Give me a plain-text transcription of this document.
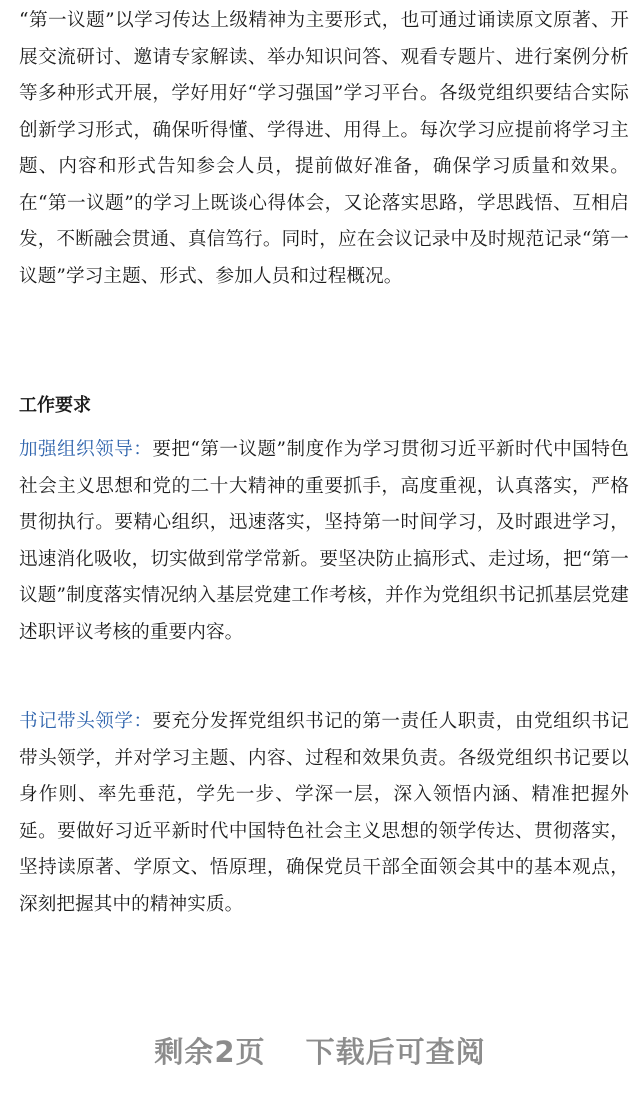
“第一议题”以学习传达上级精神为主要形式，也可通过诵读原文原著、开展交流研讨、邀请专家解读、举办知识问答、观看专题片、进行案例分析等多种形式开展，学好用好“学习强国”学习平台。各级党组织要结合实际创新学习形式，确保听得懂、学得进、用得上。每次学习应提前将学习主题、内容和形式告知参会人员，提前做好准备，确保学习质量和效果。在“第一议题”的学习上既谈心得体会，又论落实思路，学思践悟、互相启发，不断融会贯通、真信笃行。同时，应在会议记录中及时规范记录“第一议题”学习主题、形式、参加人员和过程概况。

工作要求

加强组织领导：要把“第一议题”制度作为学习贯彻习近平新时代中国特色社会主义思想和党的二十大精神的重要抓手，高度重视，认真落实，严格贯彻执行。要精心组织，迅速落实，坚持第一时间学习，及时跟进学习，迅速消化吸收，切实做到常学常新。要坚决防止搞形式、走过场，把“第一议题”制度落实情况纳入基层党建工作考核，并作为党组织书记抓基层党建述职评议考核的重要内容。

书记带头领学：要充分发挥党组织书记的第一责任人职责，由党组织书记带头领学，并对学习主题、内容、过程和效果负责。各级党组织书记要以身作则、率先垂范，学先一步、学深一层，深入领悟内涵、精准把握外延。要做好习近平新时代中国特色社会主义思想的领学传达、贯彻落实，坚持读原著、学原文、悟原理，确保党员干部全面领会其中的基本观点，深刻把握其中的精神实质。

剩余2页 下载后可查阅
